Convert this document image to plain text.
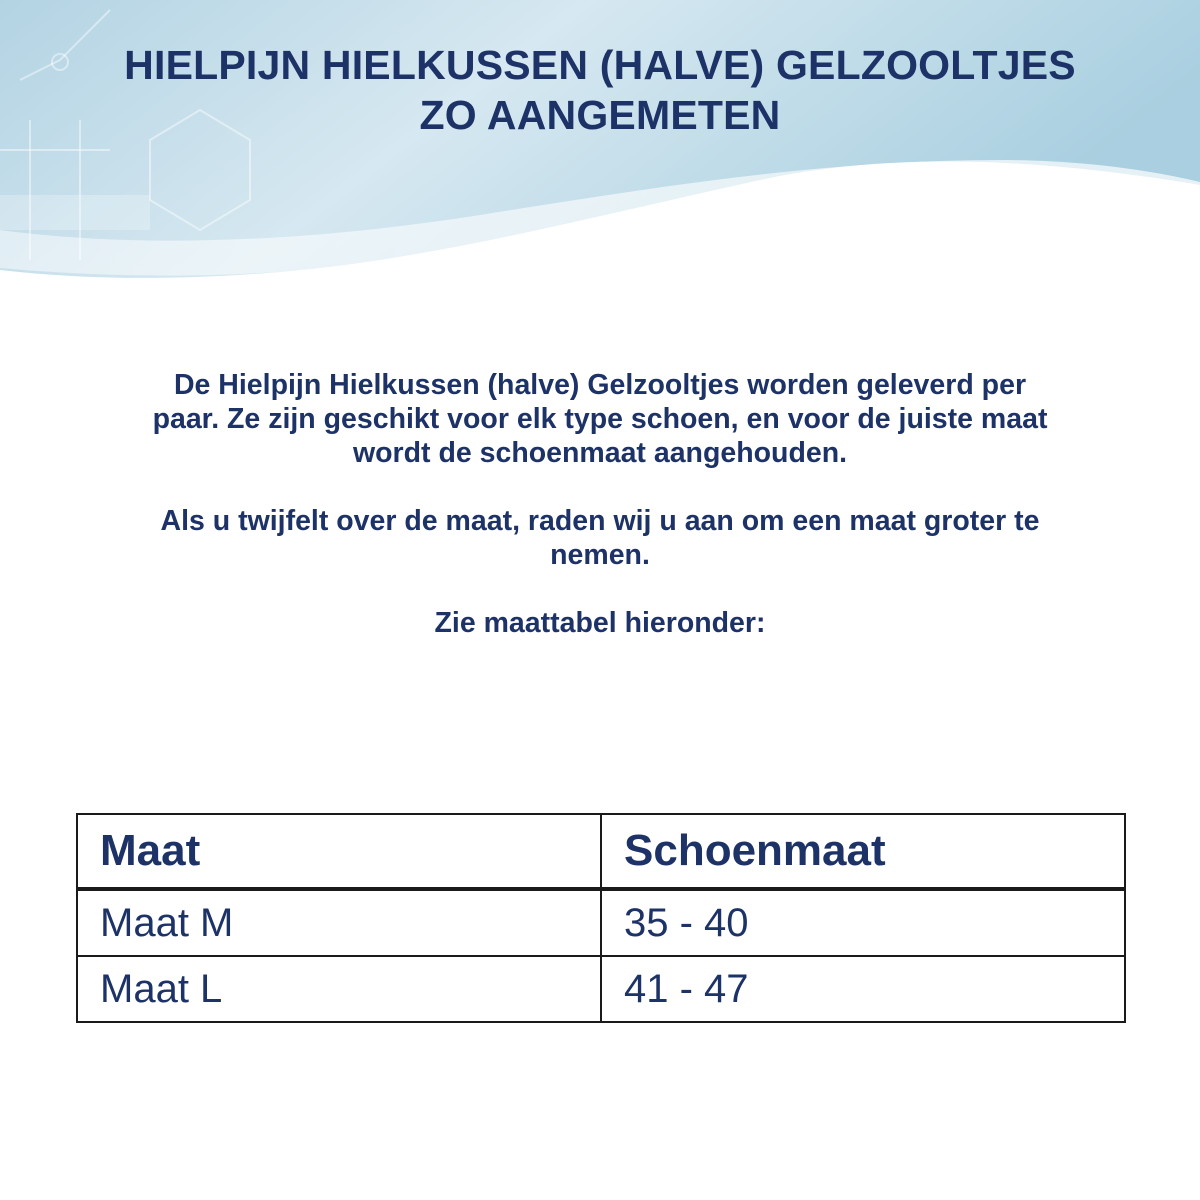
HIELPIJN HIELKUSSEN (HALVE) GELZOOLTJES
ZO AANGEMETEN

De Hielpijn Hielkussen (halve) Gelzooltjes worden geleverd per

paar. Ze zijn geschikt voor elk type schoen, en voor de juiste maat

wordt de schoenmaat aangehouden.

Als u twijfelt over de maat, raden wij u aan om een maat groter te

nemen.

Zie maattabel hieronder:

Maat	Schoenmaat
Maat M	35 - 40
Maat L	41 - 47
